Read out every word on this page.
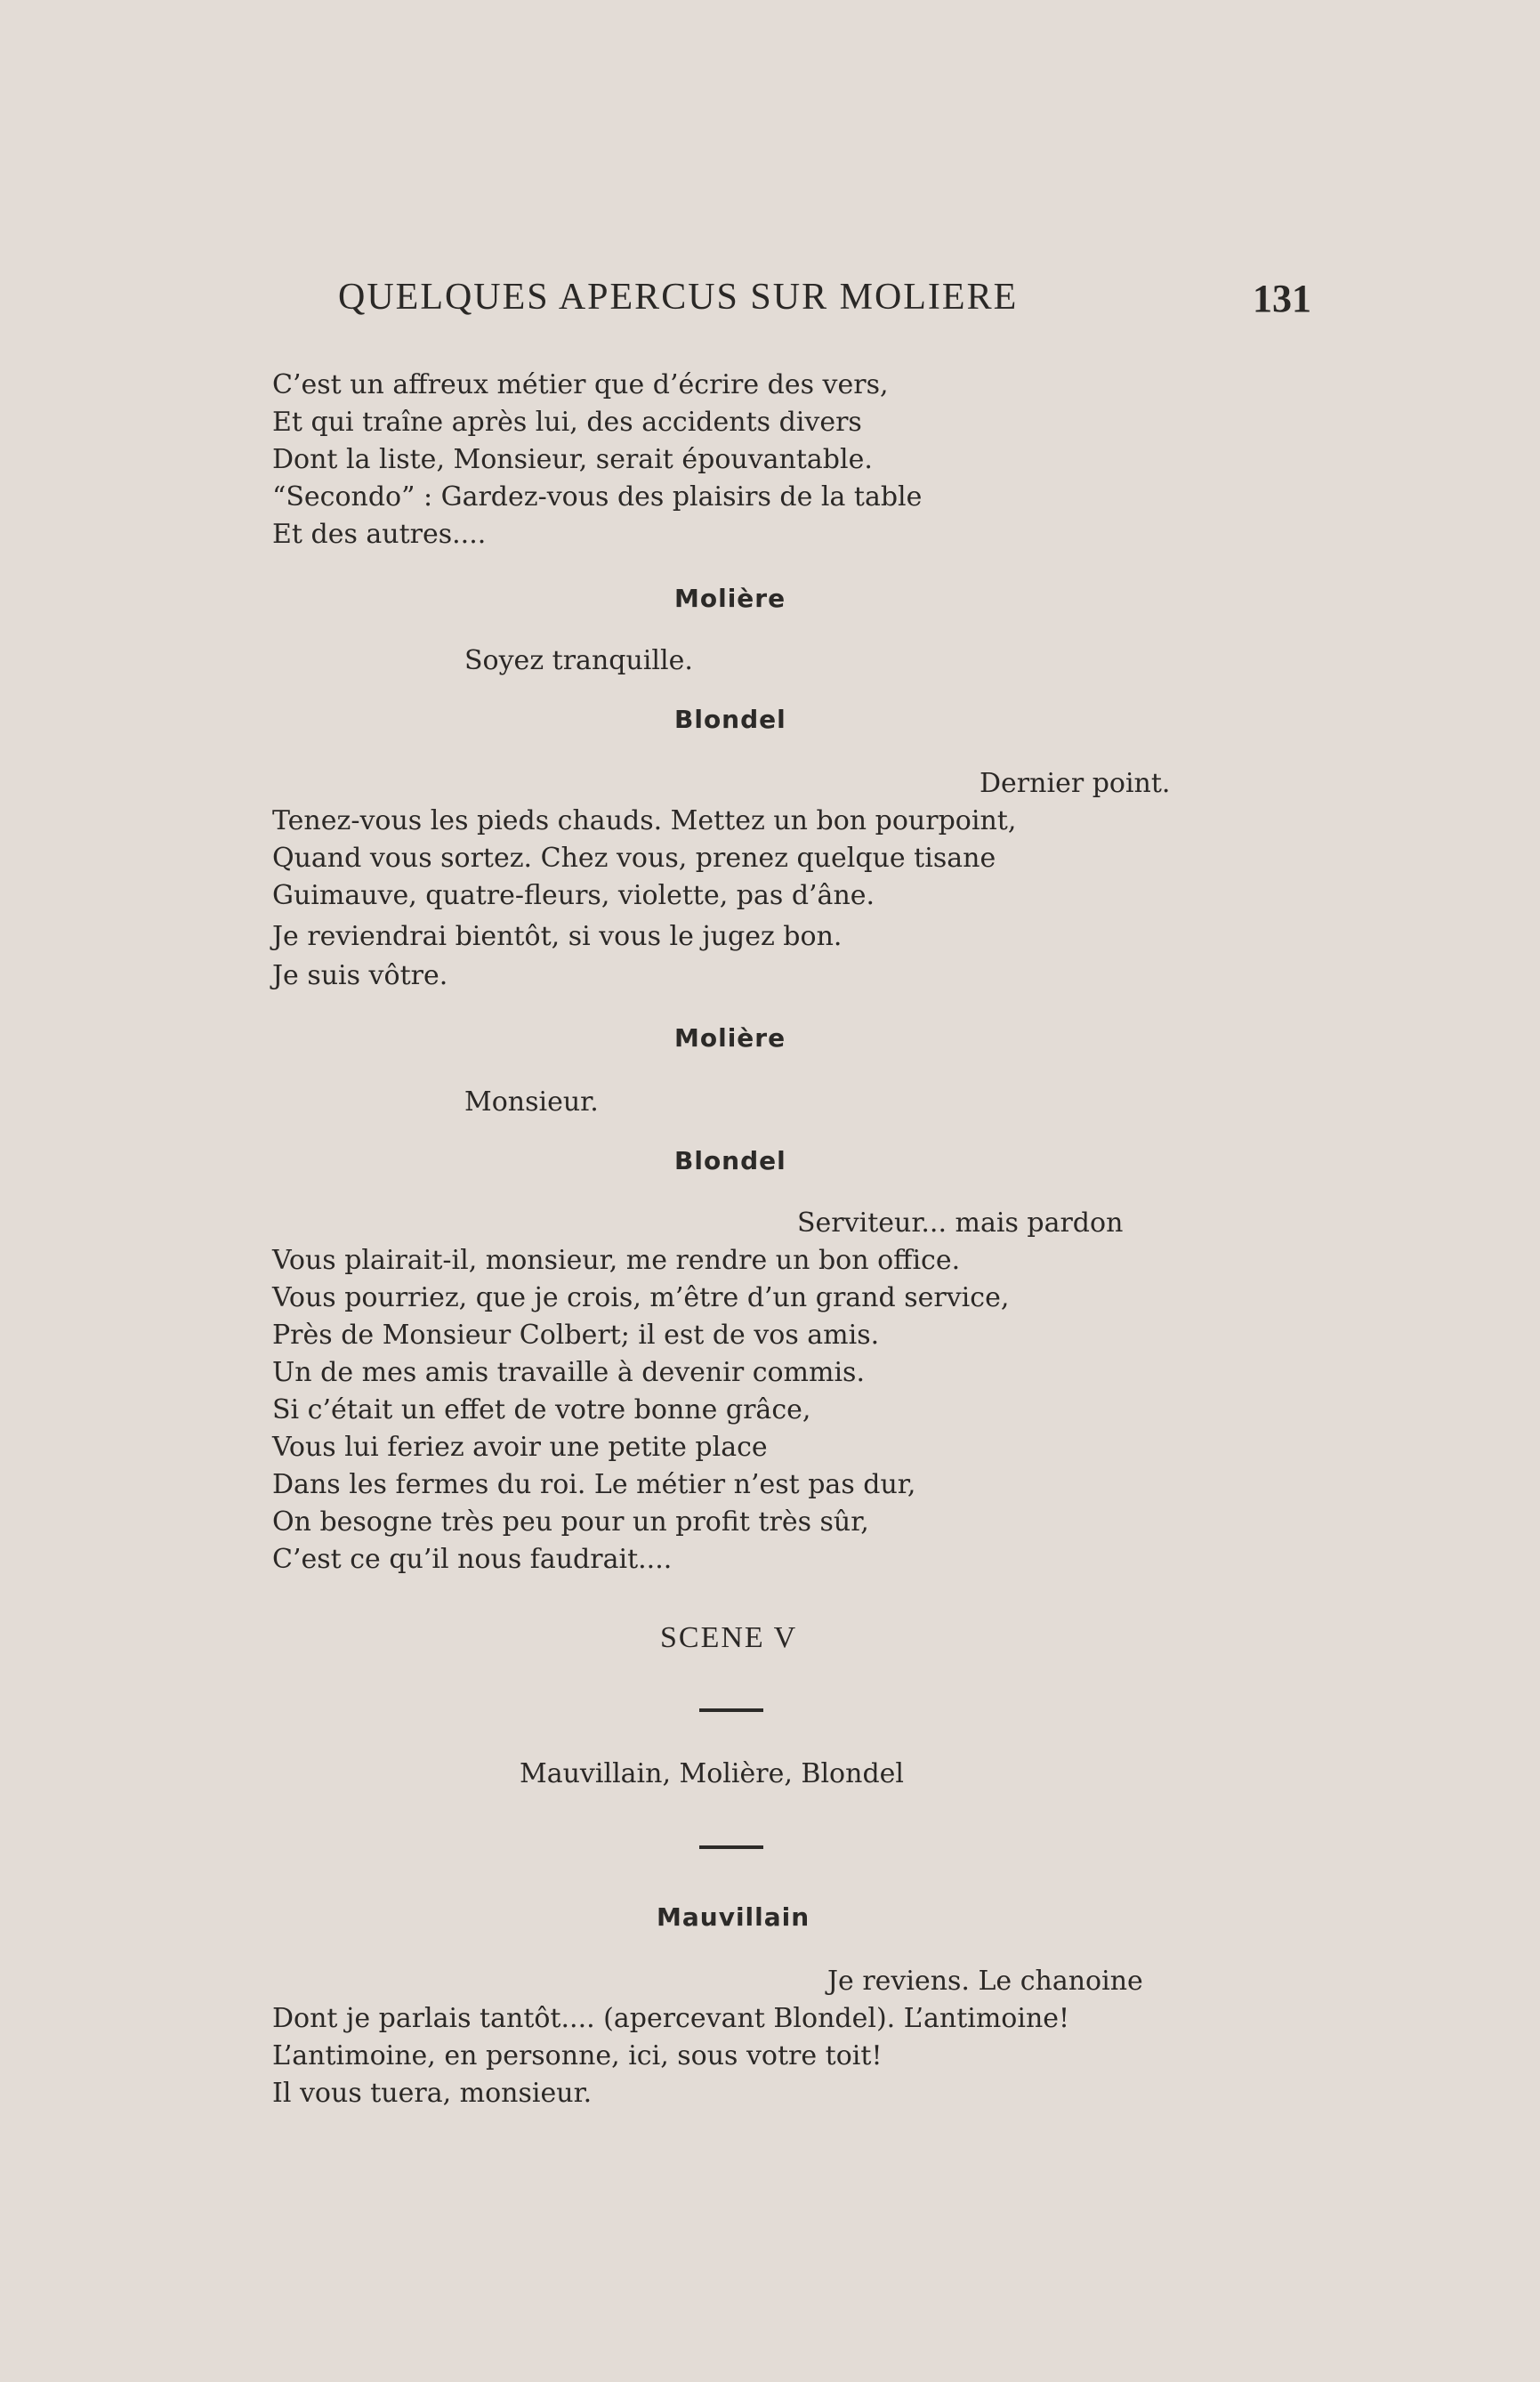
QUELQUES APERCUS SUR MOLIERE	131
C’est un affreux métier que d’écrire des vers,
Et qui traîne après lui, des accidents divers
Dont la liste, Monsieur, serait épouvantable.
“Secondo” : Gardez-vous des plaisirs de la table
Et des autres....
Molière
Soyez tranquille.
Blondel
Dernier point.
Tenez-vous les pieds chauds. Mettez un bon pourpoint,
Quand vous sortez. Chez vous, prenez quelque tisane
Guimauve, quatre-fleurs, violette, pas d’âne.
Je reviendrai bientôt, si vous le jugez bon.
Je suis vôtre.
Molière
Monsieur.
Blondel
Serviteur... mais pardon
Vous plairait-il, monsieur, me rendre un bon office.
Vous pourriez, que je crois, m’être d’un grand service,
Près de Monsieur Colbert; il est de vos amis.
Un de mes amis travaille à devenir commis.
Si c’était un effet de votre bonne grâce,
Vous lui feriez avoir une petite place
Dans les fermes du roi. Le métier n’est pas dur,
On besogne très peu pour un profit très sûr,
C’est ce qu’il nous faudrait....
SCENE V
Mauvillain, Molière, Blondel
Mauvillain
Je reviens. Le chanoine
Dont je parlais tantôt.... (apercevant Blondel). L’antimoine!
L’antimoine, en personne, ici, sous votre toit!
Il vous tuera, monsieur.
